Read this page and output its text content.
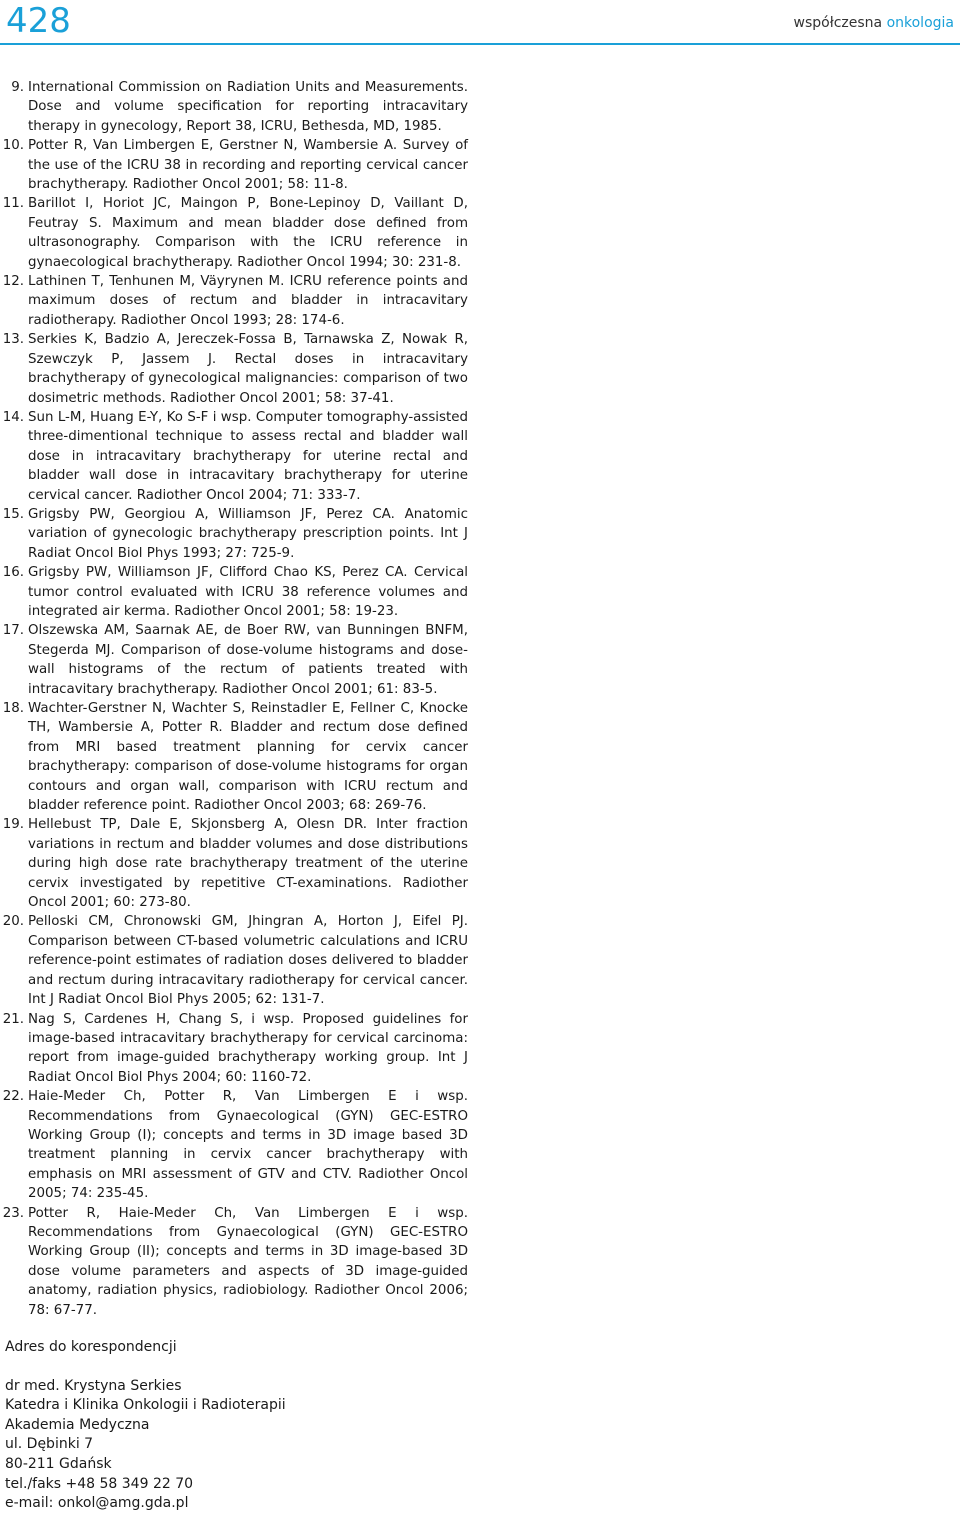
428	współczesna onkologia

9. International Commission on Radiation Units and Measurements. Dose and volume specification for reporting intracavitary therapy in gynecology, Report 38, ICRU, Bethesda, MD, 1985.

10. Potter R, Van Limbergen E, Gerstner N, Wambersie A. Survey of the use of the ICRU 38 in recording and reporting cervical cancer brachytherapy. Radiother Oncol 2001; 58: 11-8.

11. Barillot I, Horiot JC, Maingon P, Bone-Lepinoy D, Vaillant D, Feutray S. Maximum and mean bladder dose defined from ultrasonography. Comparison with the ICRU reference in gynaecological brachytherapy. Radiother Oncol 1994; 30: 231-8.

12. Lathinen T, Tenhunen M, Väyrynen M. ICRU reference points and maximum doses of rectum and bladder in intracavitary radiotherapy. Radiother Oncol 1993; 28: 174-6.

13. Serkies K, Badzio A, Jereczek-Fossa B, Tarnawska Z, Nowak R, Szewczyk P, Jassem J. Rectal doses in intracavitary brachytherapy of gynecological malignancies: comparison of two dosimetric methods. Radiother Oncol 2001; 58: 37-41.

14. Sun L-M, Huang E-Y, Ko S-F i wsp. Computer tomography-assisted three-dimentional technique to assess rectal and bladder wall dose in intracavitary brachytherapy for uterine rectal and bladder wall dose in intracavitary brachytherapy for uterine cervical cancer. Radiother Oncol 2004; 71: 333-7.

15. Grigsby PW, Georgiou A, Williamson JF, Perez CA. Anatomic variation of gynecologic brachytherapy prescription points. Int J Radiat Oncol Biol Phys 1993; 27: 725-9.

16. Grigsby PW, Williamson JF, Clifford Chao KS, Perez CA. Cervical tumor control evaluated with ICRU 38 reference volumes and integrated air kerma. Radiother Oncol 2001; 58: 19-23.

17. Olszewska AM, Saarnak AE, de Boer RW, van Bunningen BNFM, Stegerda MJ. Comparison of dose-volume histograms and dose-wall histograms of the rectum of patients treated with intracavitary brachytherapy. Radiother Oncol 2001; 61: 83-5.

18. Wachter-Gerstner N, Wachter S, Reinstadler E, Fellner C, Knocke TH, Wambersie A, Potter R. Bladder and rectum dose defined from MRI based treatment planning for cervix cancer brachytherapy: comparison of dose-volume histograms for organ contours and organ wall, comparison with ICRU rectum and bladder reference point. Radiother Oncol 2003; 68: 269-76.

19. Hellebust TP, Dale E, Skjonsberg A, Olesn DR. Inter fraction variations in rectum and bladder volumes and dose distributions during high dose rate brachytherapy treatment of the uterine cervix investigated by repetitive CT-examinations. Radiother Oncol 2001; 60: 273-80.

20. Pelloski CM, Chronowski GM, Jhingran A, Horton J, Eifel PJ. Comparison between CT-based volumetric calculations and ICRU reference-point estimates of radiation doses delivered to bladder and rectum during intracavitary radiotherapy for cervical cancer. Int J Radiat Oncol Biol Phys 2005; 62: 131-7.

21. Nag S, Cardenes H, Chang S, i wsp. Proposed guidelines for image-based intracavitary brachytherapy for cervical carcinoma: report from image-guided brachytherapy working group. Int J Radiat Oncol Biol Phys 2004; 60: 1160-72.

22. Haie-Meder Ch, Potter R, Van Limbergen E i wsp. Recommendations from Gynaecological (GYN) GEC-ESTRO Working Group (I); concepts and terms in 3D image based 3D treatment planning in cervix cancer brachytherapy with emphasis on MRI assessment of GTV and CTV. Radiother Oncol 2005; 74: 235-45.

23. Potter R, Haie-Meder Ch, Van Limbergen E i wsp. Recommendations from Gynaecological (GYN) GEC-ESTRO Working Group (II); concepts and terms in 3D image-based 3D dose volume parameters and aspects of 3D image-guided anatomy, radiation physics, radiobiology. Radiother Oncol 2006; 78: 67-77.

Adres do korespondencji
dr med. Krystyna Serkies
Katedra i Klinika Onkologii i Radioterapii
Akademia Medyczna
ul. Dębinki 7
80-211 Gdańsk
tel./faks +48 58 349 22 70
e-mail: onkol@amg.gda.pl
